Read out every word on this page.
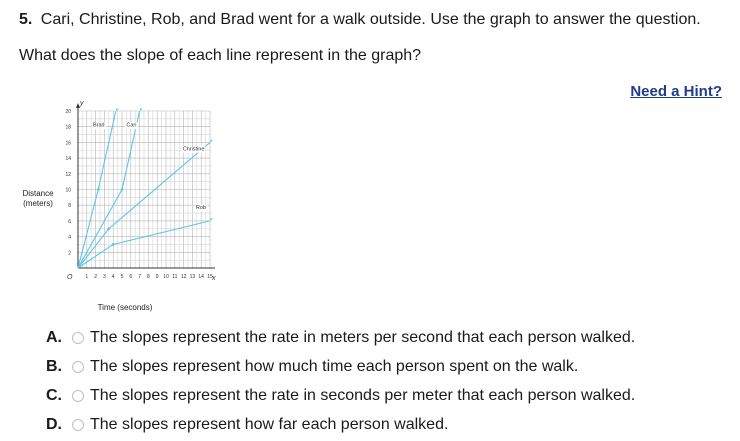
5. Cari, Christine, Rob, and Brad went for a walk outside. Use the graph to answer the question.
What does the slope of each line represent in the graph?
Need a Hint?
y
x
2
4
6
8
10
12
14
16
18
20
1 2 3 4 5 6 7 8 9 10 11 12 13 14 15
O
Time (seconds)
Distance
(meters)
Brad	Cari
Christine
Rob
A.	The slopes represent the rate in meters per second that each person walked.
B.	The slopes represent how much time each person spent on the walk.
C.	The slopes represent the rate in seconds per meter that each person walked.
D.	The slopes represent how far each person walked.
